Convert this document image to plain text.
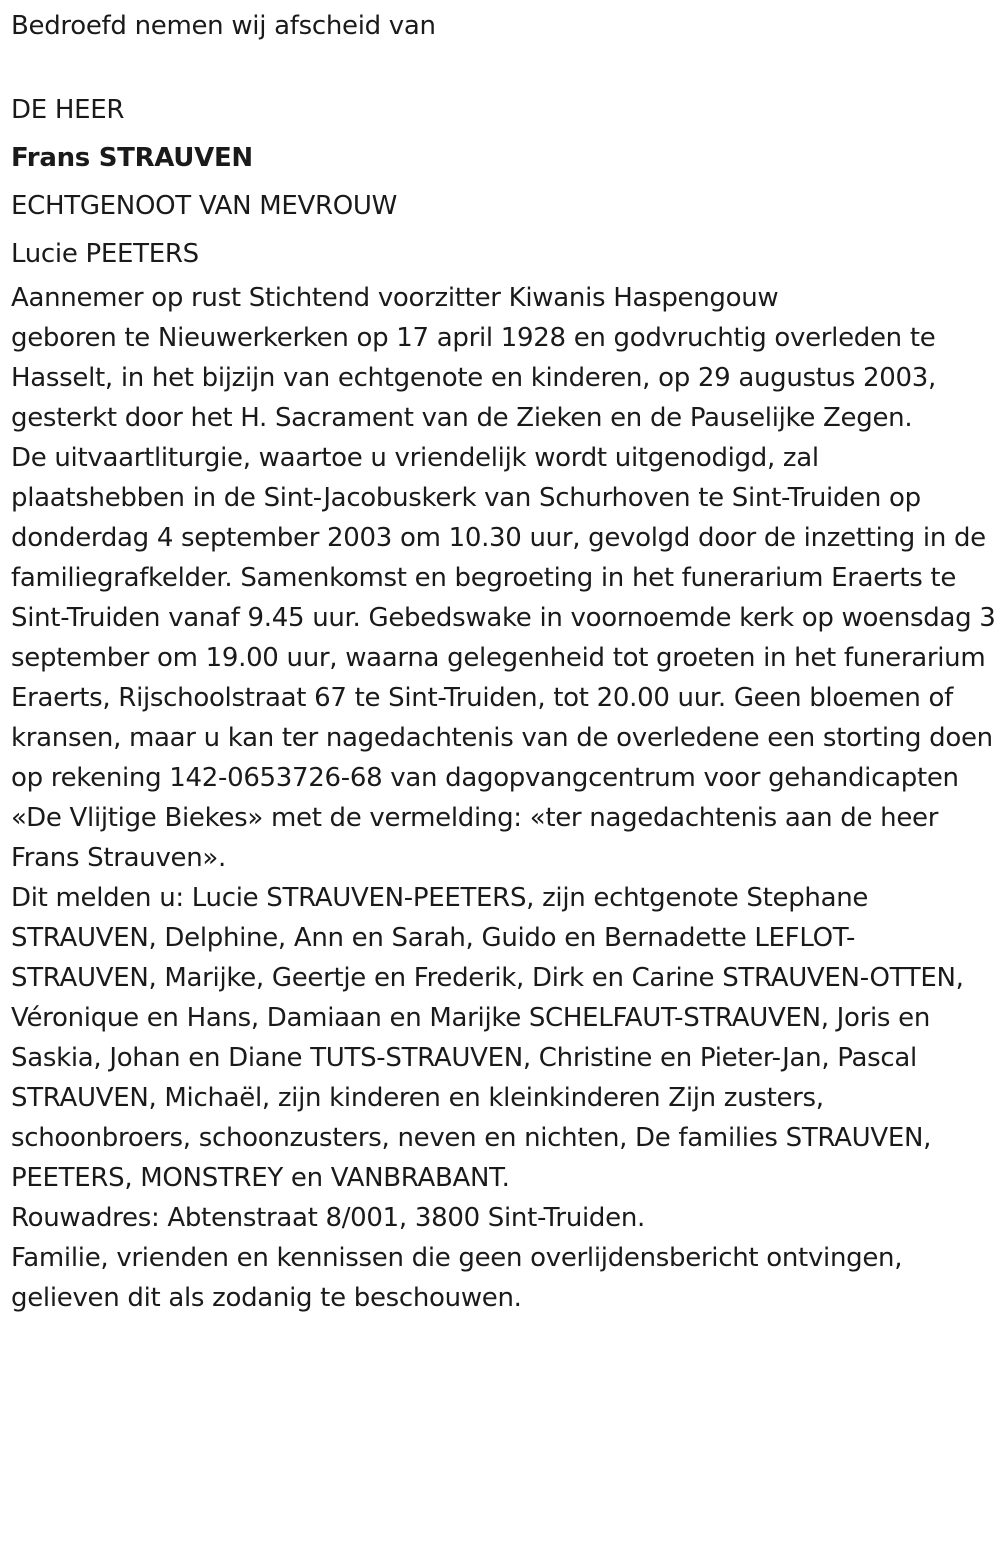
Bedroefd nemen wij afscheid van

DE HEER
Frans STRAUVEN
ECHTGENOOT VAN MEVROUW
Lucie PEETERS

Aannemer op rust Stichtend voorzitter Kiwanis Haspengouw

geboren te Nieuwerkerken op 17 april 1928 en godvruchtig overleden te Hasselt, in het bijzijn van echtgenote en kinderen, op 29 augustus 2003, gesterkt door het H. Sacrament van de Zieken en de Pauselijke Zegen.

De uitvaartliturgie, waartoe u vriendelijk wordt uitgenodigd, zal plaatshebben in de Sint-Jacobuskerk van Schurhoven te Sint-Truiden op donderdag 4 september 2003 om 10.30 uur, gevolgd door de inzetting in de familiegrafkelder. Samenkomst en begroeting in het funerarium Eraerts te Sint-Truiden vanaf 9.45 uur. Gebedswake in voornoemde kerk op woensdag 3 september om 19.00 uur, waarna gelegenheid tot groeten in het funerarium Eraerts, Rijschoolstraat 67 te Sint-Truiden, tot 20.00 uur. Geen bloemen of kransen, maar u kan ter nagedachtenis van de overledene een storting doen op rekening 142-0653726-68 van dagopvangcentrum voor gehandicapten «De Vlijtige Biekes» met de vermelding: «ter nagedachtenis aan de heer Frans Strauven».

Dit melden u: Lucie STRAUVEN-PEETERS, zijn echtgenote Stephane STRAUVEN, Delphine, Ann en Sarah, Guido en Bernadette LEFLOT-STRAUVEN, Marijke, Geertje en Frederik, Dirk en Carine STRAUVEN-OTTEN, Véronique en Hans, Damiaan en Marijke SCHELFAUT-STRAUVEN, Joris en Saskia, Johan en Diane TUTS-STRAUVEN, Christine en Pieter-Jan, Pascal STRAUVEN, Michaël, zijn kinderen en kleinkinderen Zijn zusters, schoonbroers, schoonzusters, neven en nichten, De families STRAUVEN, PEETERS, MONSTREY en VANBRABANT.

Rouwadres: Abtenstraat 8/001, 3800 Sint-Truiden.

Familie, vrienden en kennissen die geen overlijdensbericht ontvingen, gelieven dit als zodanig te beschouwen.
